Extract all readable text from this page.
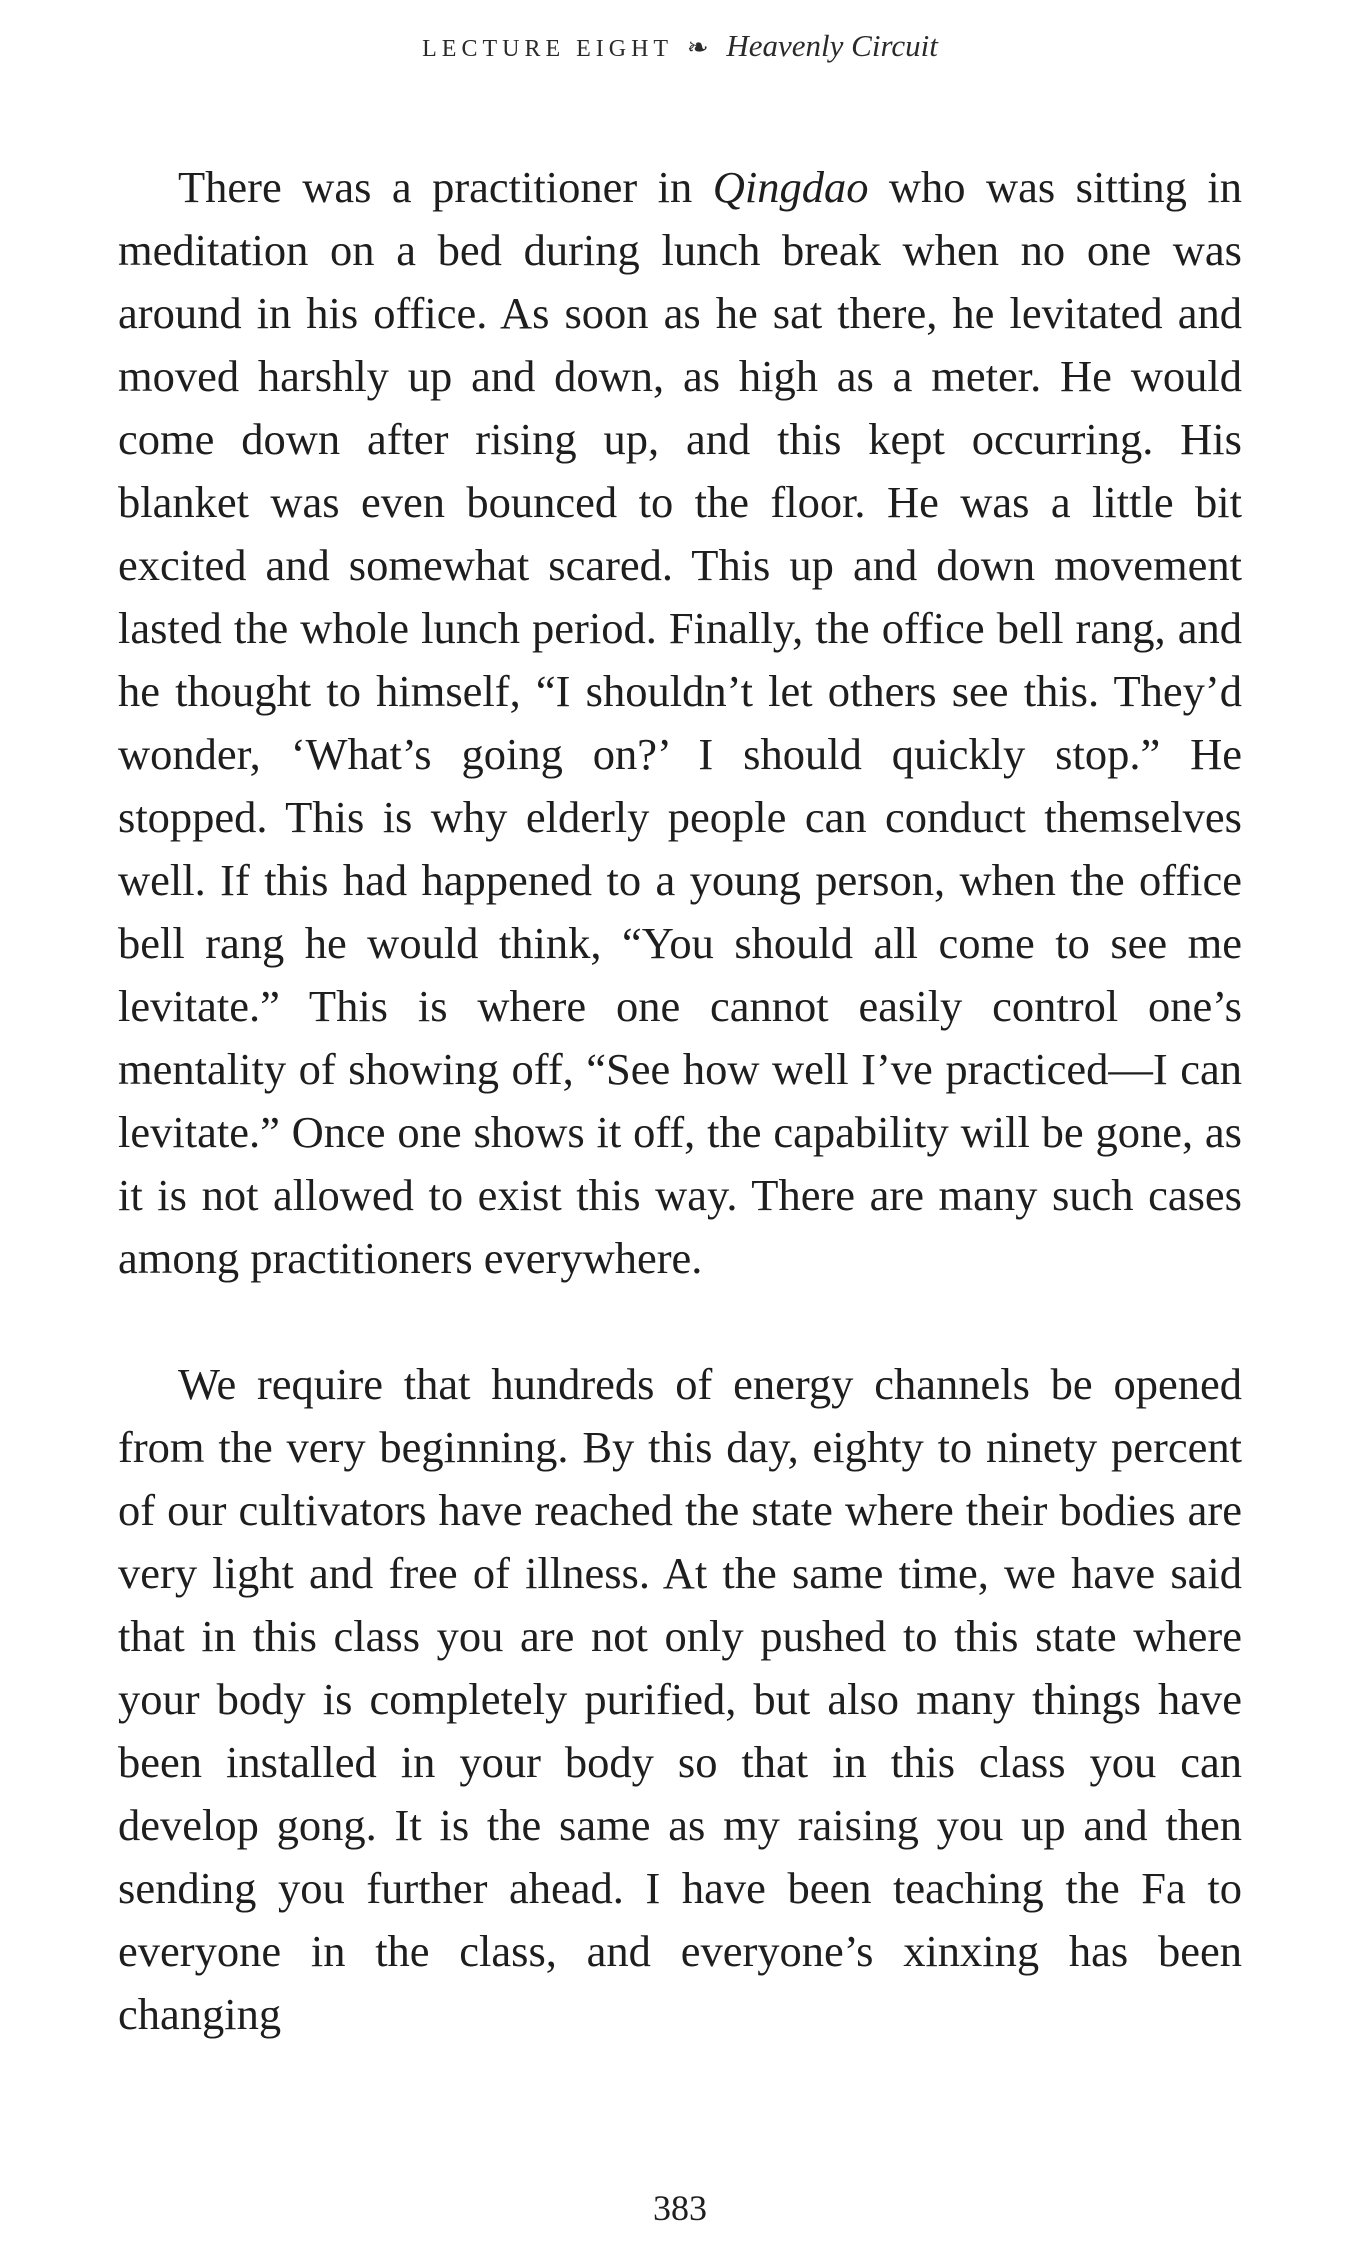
LECTURE EIGHT ❧ Heavenly Circuit

There was a practitioner in Qingdao who was sitting in meditation on a bed during lunch break when no one was around in his office. As soon as he sat there, he levitated and moved harshly up and down, as high as a meter. He would come down after rising up, and this kept occurring. His blanket was even bounced to the floor. He was a little bit excited and somewhat scared. This up and down movement lasted the whole lunch period. Finally, the office bell rang, and he thought to himself, “I shouldn’t let others see this. They’d wonder, ‘What’s going on?’ I should quickly stop.” He stopped. This is why elderly people can conduct themselves well. If this had happened to a young person, when the office bell rang he would think, “You should all come to see me levitate.” This is where one cannot easily control one’s mentality of showing off, “See how well I’ve practiced—I can levitate.” Once one shows it off, the capability will be gone, as it is not allowed to exist this way. There are many such cases among practitioners everywhere.

We require that hundreds of energy channels be opened from the very beginning. By this day, eighty to ninety percent of our cultivators have reached the state where their bodies are very light and free of illness. At the same time, we have said that in this class you are not only pushed to this state where your body is completely purified, but also many things have been installed in your body so that in this class you can develop gong. It is the same as my raising you up and then sending you further ahead. I have been teaching the Fa to everyone in the class, and everyone’s xinxing has been changing

383
